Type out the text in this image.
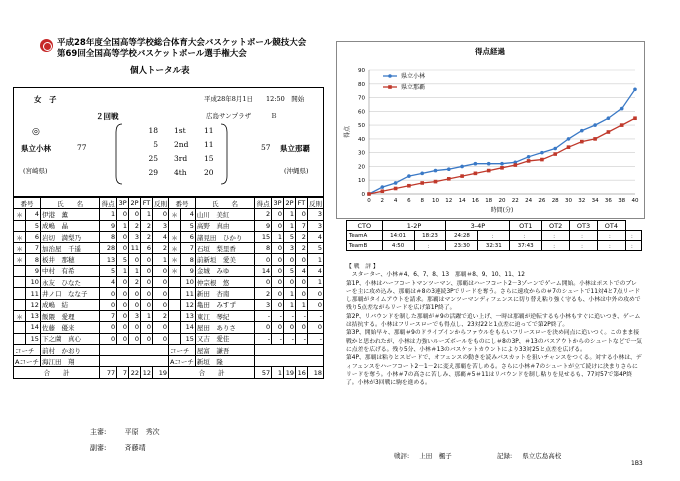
平成28年度全国高等学校総合体育大会バスケットボール競技大会
第69回全国高等学校バスケットボール選手権大会
個人トータル表
女　子	平成28年8月1日　　12:50　開始
２回戦	広島サンプラザ　　　Ｂ
◎
県立小林
(宮崎県)
77
18 1st 11
5 2nd 11
25 3rd 15
29 4th 20
57 県立那覇
(沖縄県)
番号		氏　　名	得点	3P	2P	FT	反則	番号		氏　　名	得点	3P	2P	FT	反則
＊	4	伊港　薫	1	0	0	1	0	＊	4	山川　美紅	2	0	1	0	3
	5	成嶋　晶	9	1	2	2	3		5	高野　真由	9	0	1	7	3
＊	6	岩切　満梨乃	8	0	3	2	4	＊	6	諸見田　ひかり	15	1	5	2	4
＊	7	加治屋　千遥	28	0	11	6	2	＊	7	石垣　梨里香	8	0	3	2	5
＊	8	板井　那穂	13	5	0	0	1	＊	8	前新垣　愛美	0	0	0	0	1
	9	中村　有希	5	1	1	0	0	＊	9	金城　みゆ	14	0	5	4	4
	10	永友　ひなた	4	0	2	0	0		10	仲宗根　悠	0	0	0	0	1
	11	井ノ口　なな子	0	0	0	0	0		11	新田　杏南	2	0	1	0	0
	12	成嶋　結	0	0	0	0	0		12	亀田　みすず	3	0	1	1	0
＊	13	飯隈　愛理	7	0	3	1	2		13	東江　琴紀	-	-	-	-	-
	14	佐藤　優来	0	0	0	0	0		14	屋田　ありさ	0	0	0	0	0
	15	下之薗　真心	0	0	0	0	0		15	又吉　愛佳	-	-	-	-	-
コーチ		前村　かおり						コーチ		屋富　謙吾					
Aコーチ		海江田　翔						Aコーチ		新垣　隆					
合　　計			77	7	22	12	19	合　　計			57	1	19	16	18
主審:	平原　秀次
副審:	斉藤靖
得点経過
0
10
20
30
40
50
60
70
80
90
0 2 4 6 8 10 12 14 16 18 20 22 24 26 28 30 32 34 36 38 40
時間(分)
得点
県立小林
県立那覇
CTO	1-2P		3-4P		OT1	OT2	OT3	OT4	
TeamA	14:01	18:23	24:28	：	：	：	：	：	：
TeamB	4:50	：	23:30	32:31	37:43	：	：	：	：
【 戦　評 】
　スターター、小林＃4、6、7、8、13　那覇＃8、9、10、11、12
第1P、小林はハーフコートマンツーマン、那覇はハーフコート2－3ゾーンでゲーム開始。小林はポストでのプレーを主に攻め込み、那覇は＃8の3連続3Pでリードを奪う。さらに速攻からの＃7のシュートで11対4と7点リードし那覇がタイムアウトを請求。那覇はマンツーマンディフェンスに切り替え粘り強く守るも、小林は中外の攻めで残り5点差ながらリードを広げ第1P終了。
第2P、リバウンドを制した那覇が＃9の活躍で追い上げ、一時は那覇が逆転するも小林もすぐに追いつき、ゲームは拮抗する。小林はフリースローでも得点し、23対22と1点差に迫ってで第2P終了。
第3P、開始早々、那覇＃9のドライブインからファウルをもらいフリースローを決め同点に追いつく。このまま接戦かと思われたが、小林は力強いルーズボールをものにし＃8の3P、＃13のパスアウトからのシュートなどで一気に点差を広げる。残り5分、小林＃13のバスケットカウントにより33対25と点差を広げる。
第4P、那覇は粘りとスピードで、オフェンスの動きを読みパスカットを狙いチャンスをつくる。対する小林は、ディフェンスをハーフコート2－1－2に変え那覇を苦しめる。さらに小林＃7のシュートが立て続けに決まりさらにリードを奪う。小林＃7の高さに苦しみ、那覇＃5＃11はリバウンドを制し粘りを見せるも、77対57で第4P終了。小林が3回戦に駒を進める。
戦評: 上田　楓子	記録: 県立広島高校
1B3
